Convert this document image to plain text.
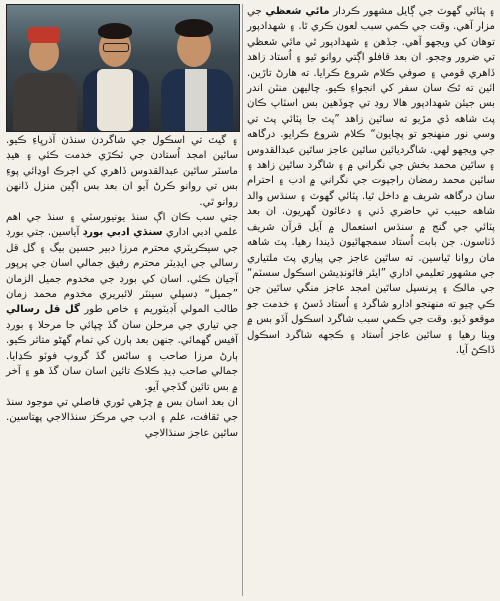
۽ گيٽ تي اسڪول جي شاگردن سنڌن آذرڀاءِ ڪيو. ساٿين امجد اُستادن جي ٽڪڙي خدمت ڪئي ۽ هيڊ ماسٽر ساٿين عبدالقدوس ڏاهري کي اجرڪ اوڍائي پوءِ بس تي روانو ڪرڻ آيو ان بعد بس اڳين منزل ڏانهن روانو ٿي.

جتي سب ڪان اڳ سنڌ يونيورسٽي ۽ سنڌ جي اهم علمي ادبي اداري سنڌي ادبي بورڊ آياسين. جتي بورڊ جي سيڪريٽري محترم مرزا دبير حسين بيگ ۽ گل قل رسالي جي ايڊيٽر محترم رفيق جمالي اسان جي پرپور آجيان ڪئي. اسان کي بورڊ جي مخدوم جميل الزمان ”جميل“ ڊسپلي سينٽر لائبريري مخدوم محمد زمان طالب المولي آڊيٽوريم ۽ خاص طور گل قل رسالي جي تياري جي مرحلن سان گڏ ڇپائي جا مرحلا ۽ بورڊ آفيس گهمائي. جنهن بعد ٻارن کي تمام گهڻو متاثر ڪيو. ٻارڻ مرزا صاحب ۽ ساٿس گڏ گروپ فوٽو ڪڍايا. جمالي صاحب ڊيڊ ڪلاڪ تائين اسان سان گڏ هو ۽ آخر ۾ بس تائين گڏجي آيو.

ان بعد اسان بس ۾ چڙهي ٿوري فاصلي تي موجود سنڌ جي ثقافت، علم ۽ ادب جي مرڪز سنڌالاجي پهتاسين. ساٿين عاجز سنڌالاجي

۽ پٽائي گهوٽ جي ڳايل مشهور ڪردار مائي شعظي جي مزار آهي. وقت جي ڪمي سبب لعون ڪري ٿا. ۽ شهدادپور توهان کي ويجهو آهي. جڏهن ۽ شهدادپور ٿي مائي شعظي تي ضرور وڃجو. ان بعد قافلو اڳتي روانو ٿيو ۽ اُستاد زاهد ڏاهري قومي ۽ صوفي ڪلام شروع ڪرايا. ته هارڻ تاڙين. ائين ته ٿڪ سان سفر کي انجواءِ ڪيو. چاليهن منٽن اندر بس جيئن شهدادپور هالا روڊ تي چوڏهين بس اسٽاپ ڪان پٽ شاهه ڏي مڙيو ته ساٿين زاهد ”پٽ جا پٽائي پٽ تي وسي نور منهنجو تو پچايون“ ڪلام شروع ڪرايو. درگاهه جي ويجهو لهي. شاگرديائين ساٿين عاجز ساٿين عبدالقدوس ۽ ساٿين محمد بخش جي نگراني ۾ ۽ شاگرد ساٿين زاهد ۽ ساٿين محمد رمضان راجپوت جي نگراني ۾ ادب ۽ احترام سان درگاهه شريف ۾ داخل ٿيا. پٽائي گهوٽ ۽ سنڌس والد شاهه حبيب تي حاضري ڏني ۽ دعائون گهريون. ان بعد پٽائي جي گنج ۾ سنڌس استعمال ۾ آيل قرآن شريف ڏٺاسون. جن بابت اُستاد سمجهائيون ڏيندا رهيا. پٽ شاهه مان روانا ٿياسين. ته ساٿين عاجز جي پياري پٽ ملتياري جي مشهور تعليمي اداري ”ايئر فائونڊيشن اسڪول سسٽم“ جي مالڪ ۽ پرنسپل ساٿين امجد عاجز منگي ساٿين جن ڪي چيو ته منهنجو ادارو شاگرد ۽ اُستاد ڏسڻ ۽ خدمت جو موقعو ڏيو. وقت جي ڪمي سبب شاگرد اسڪول آڏو بس ۾ ويٺا رهيا ۽ ساٿين عاجز اُستاد ۽ ڪجهه شاگرد اسڪول ڏاڪڻ آيا.
